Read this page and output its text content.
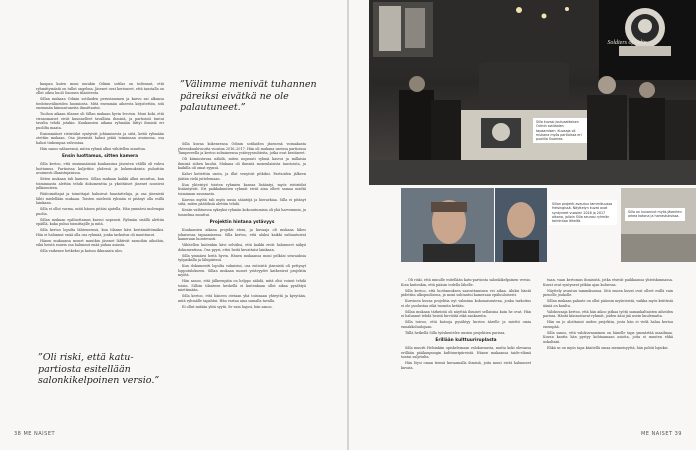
kaupan kuten moni muukin Odinin sotilas on todennut, että ryhmittymästä on tullut ongelma. Jäsenet ovat kertoneet, että taustalla on ollut oikea huoli Suomen tilanteesta.

Sillan mukaan Odinin sotilaiden perustaminen ja kasvu sai alkunsa tiedotusvälineiden huomiosta. Mitä enemmän aiheesta kirjoitettiin, sitä enemmän kiinnostuneita ilmoittautui.

Tuohon aikaan tilanne oli Sillan mukaan hyvin levoton. Moni koki, että viranomaiset eivät kuunnelleet tavallisia ihmisiä, ja partiointi tuntui tavalta tehdä jotakin. Kuukausien aikana ryhmään liittyi ihmisiä eri puolilta maata.

Ensimmäiset ristiriidat syntyivät johtamisesta ja siitä, keitä ryhmään otettiin mukaan. Osa jäsenistä halusi pitää toiminnan avoimena, osa halusi tiukempaa valvontaa.

Hän sanoo nähneensä, miten ryhmä alkoi vähitellen muuttua.

Ensin luottamus, sitten kamera

Silla kertoo, että ensimmäisinä kuukausina jäsenten välillä oli vahva luottamus. Partioissa kuljettiin yhdessä ja kokemuksista puhuttiin avoimesti illanistujaisissa.

Sitten mukaan tuli kamera. Sillan mukaan kaikki alkoi muuttua, kun toiminnasta alettiin tehdä dokumenttia ja yksittäiset jäsenet nousivat julkisuuteen.

Päätoimittajat ja toimittajat halusivat haastatteluja, ja osa jäsenistä lähti mielellään mukaan. Toisten mielestä ryhmän ei pitänyt olla esillä lainkaan.

Silla ei ollut varma, mitä hänen pitäisi ajatella. Hän ymmärsi molempia puolia.

Sillan mukaan epäluottamus kasvoi nopeasti. Ryhmän sisällä alettiin epäillä, kuka puhui toimittajille ja mitä.

Silla kertoo lopulta lähteneensä, kun tilanne kävi kestämättömäksi. Hän ei halunnut enää olla osa ryhmää, jonka tarkoitus oli muuttunut.

Hänen mukaansa monet muutkin jäsenet lähtivät samoihin aikoihin, eikä heistä suurin osa halunnut enää puhua asiasta.

Silla vaikenee hetkeksi ja katsoo ikkunasta ulos.

Silla kuvaa kokeneensa Odinin sotilaiden jäsenenä voimakasta yhteenkuuluvuutta vuosina 2016–2017. Hän oli mukana useissa partioissa Tampereella ja kertoo solmineensa ystävyyssuhteita, jotka ovat kestäneet.

Oli kiinnostavaa nähdä, miten nopeasti ryhmä kasvoi ja millaisia ihmisiä siihen kuului. Mukana oli ihmisiä monenlaisista taustoista, ja kaikilla oli omat syynsä.

Kahvi keitettiin usein, ja illat venyivät pitkiksi. Partioiden jälkeen jäätiin vielä juttelemaan.

Kun yhteistyö toisten ryhmien kanssa lisääntyi, myös ristiriidat lisääntyivät. Eri paikkakuntien ryhmät eivät aina olleet samaa mieltä toiminnan suunnasta.

Kasvun myötä tuli myös uusia sääntöjä ja hierarkiaa. Silla ei pitänyt siitä, miten päätöksiä alettiin tehdä.

Kesän vaihtuessa syksyksi ryhmän kokoontumisia oli yhä harvemmin, ja tunnelma muuttui.

Projektin hintana ystävyys

Kuukausien aikana projekti eteni, ja kuvaaja oli mukana lähes jokaisessa tapaamisessa. Silla kertoo, että aluksi kaikki suhtautuivat kameraan luontevasti.

Vähitellen kuitenkin kävi selväksi, että kaikki eivät halunneet näkyä dokumentissa. Osa pyysi, ettei heitä kuvattaisi lainkaan.

Silla ymmärsi heitä hyvin. Hänen mukaansa moni pelkäsi seurauksia työpaikalla ja lähipiirissä.

Kun dokumentti lopulta valmistui, osa entisistä jäsenistä oli pettynyt lopputulokseen. Sillan mukaan monet ystävyydet katkesivat projektin myötä.

Hän sanoo, että jälkeenpäin on helppo nähdä, mitä olisi voinut tehdä toisin. Silloin tilanteen keskellä ei kuitenkaan ollut aikaa pysähtyä miettimään.

Silla kertoo, että häneen otetaan yhä toisinaan yhteyttä ja kysytään, mitä ryhmälle tapahtui. Hän vastaa aina samalla tavalla.

Ei ollut mitään yhtä syytä. Se vain hajosi, hän sanoo.

”Välimme menivät tuhannen päreiksi eivätkä ne ole palautuneet.”
”Oli riski, että katu-partiosta esitellään salonkikelpoinen versio.”
38 ME NAISET
Soldiers of Odin
Silla kuvasi jouluaattoisen Odinin sotilaiden tapaamisen. Kuvaaja oli mukana myös partioissa eri puolilla Suomea.
Sillan projekti avautuu tammikuussa Helsingissä. Näyttelyn kuvat ovat syntyneet vuosien 2016 ja 2017 aikana, jolloin Silla seurasi ryhmän toimintaa läheltä.
Silla on kuvannut myös jäsenten arkea kotona ja harrastuksissa.

– Oli riski, että minulle esitellään katu-partiosta salonkikelpoinen versio. Koin kuitenkin, että pääsin todella lähelle.

Silla kertoo, että luottamuksen saavuttaminen vei aikaa. Aluksi häntä pidettiin ulkopuolisena, ja moni suhtautui kameraan epäluuloisesti.

Kurvinen kuvaa projektia nyt valmiina kokonaisuutena, jonka tarkoitus ei ole puolustaa eikä tuomita ketään.

Sillan mukaan tärkeintä oli näyttää ihmiset sellaisina kuin he ovat. Hän ei halunnut tehdä heistä hirviöitä eikä sankareita.

Silla toivoo, että katsoja pysähtyy kuvien äärelle ja miettii omia ennakkoluulojaan.

Tällä hetkellä Silla työskentelee uusien projektien parissa.

Erillään kulttuuriruplasta

Silla muutti Helsinkiin opiskelemaan valokuvausta, mutta koki olevansa erillään pääkaupungin kulttuuripiireistä. Hänen mukaansa taide-elämä tuntui suljetulta.

Hän löysi oman tiensä kuvaamalla ihmisiä, joita muut eivät halunneet kuvata.

tuan, vaan kertomus ihmisistä, jotka etsivät paikkaansa yhteiskunnassa. Kuvat ovat syntyneet pitkän ajan kuluessa.

Näyttely avautuu tammikuussa. Sitä ennen kuvat ovat olleet esillä vain pienelle joukolle.

Sillan mukaan palaute on ollut pääosin myönteistä, vaikka myös kriittisiä ääniä on kuultu.

Valokuvaaja kertoo, että hän aikoo jatkaa työtä samankaltaisten aiheiden parissa. Häntä kiinnostavat ryhmät, joiden ääni jää usein kuulematta.

Hän on jo aloittanut uuden projektin, josta hän ei vielä halua kertoa enempää.

Silla sanoo, että valokuvaaminen on hänelle tapa ymmärtää maailmaa. Kuvan kautta hän pystyy kohtaamaan asioita, joita ei muuten ehkä uskaltaisi.

Ehkä se on myös tapa käsitellä omaa menneisyyttä, hän pohtii lopuksi.

ME NAISET 39
